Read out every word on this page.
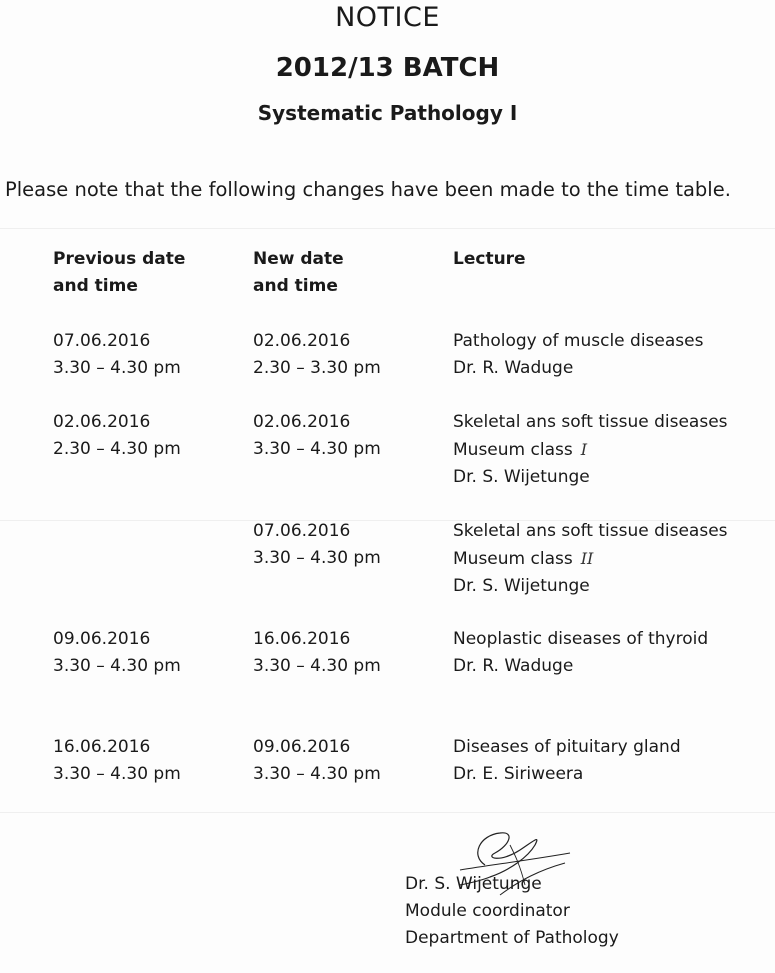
NOTICE
2012/13 BATCH
Systematic Pathology I
Please note that the following changes have been made to the time table.
Previous date
and time
New date
and time
Lecture
07.06.2016
3.30 – 4.30 pm
02.06.2016
2.30 – 3.30 pm
Pathology of muscle diseases
Dr. R. Waduge
02.06.2016
2.30 – 4.30 pm
02.06.2016
3.30 – 4.30 pm
Skeletal ans soft tissue diseases
Museum class I
Dr. S. Wijetunge
07.06.2016
3.30 – 4.30 pm
Skeletal ans soft tissue diseases
Museum class II
Dr. S. Wijetunge
09.06.2016
3.30 – 4.30 pm
16.06.2016
3.30 – 4.30 pm
Neoplastic diseases of thyroid
Dr. R. Waduge
16.06.2016
3.30 – 4.30 pm
09.06.2016
3.30 – 4.30 pm
Diseases of pituitary gland
Dr. E. Siriweera
Dr. S. Wijetunge
Module coordinator
Department of Pathology
